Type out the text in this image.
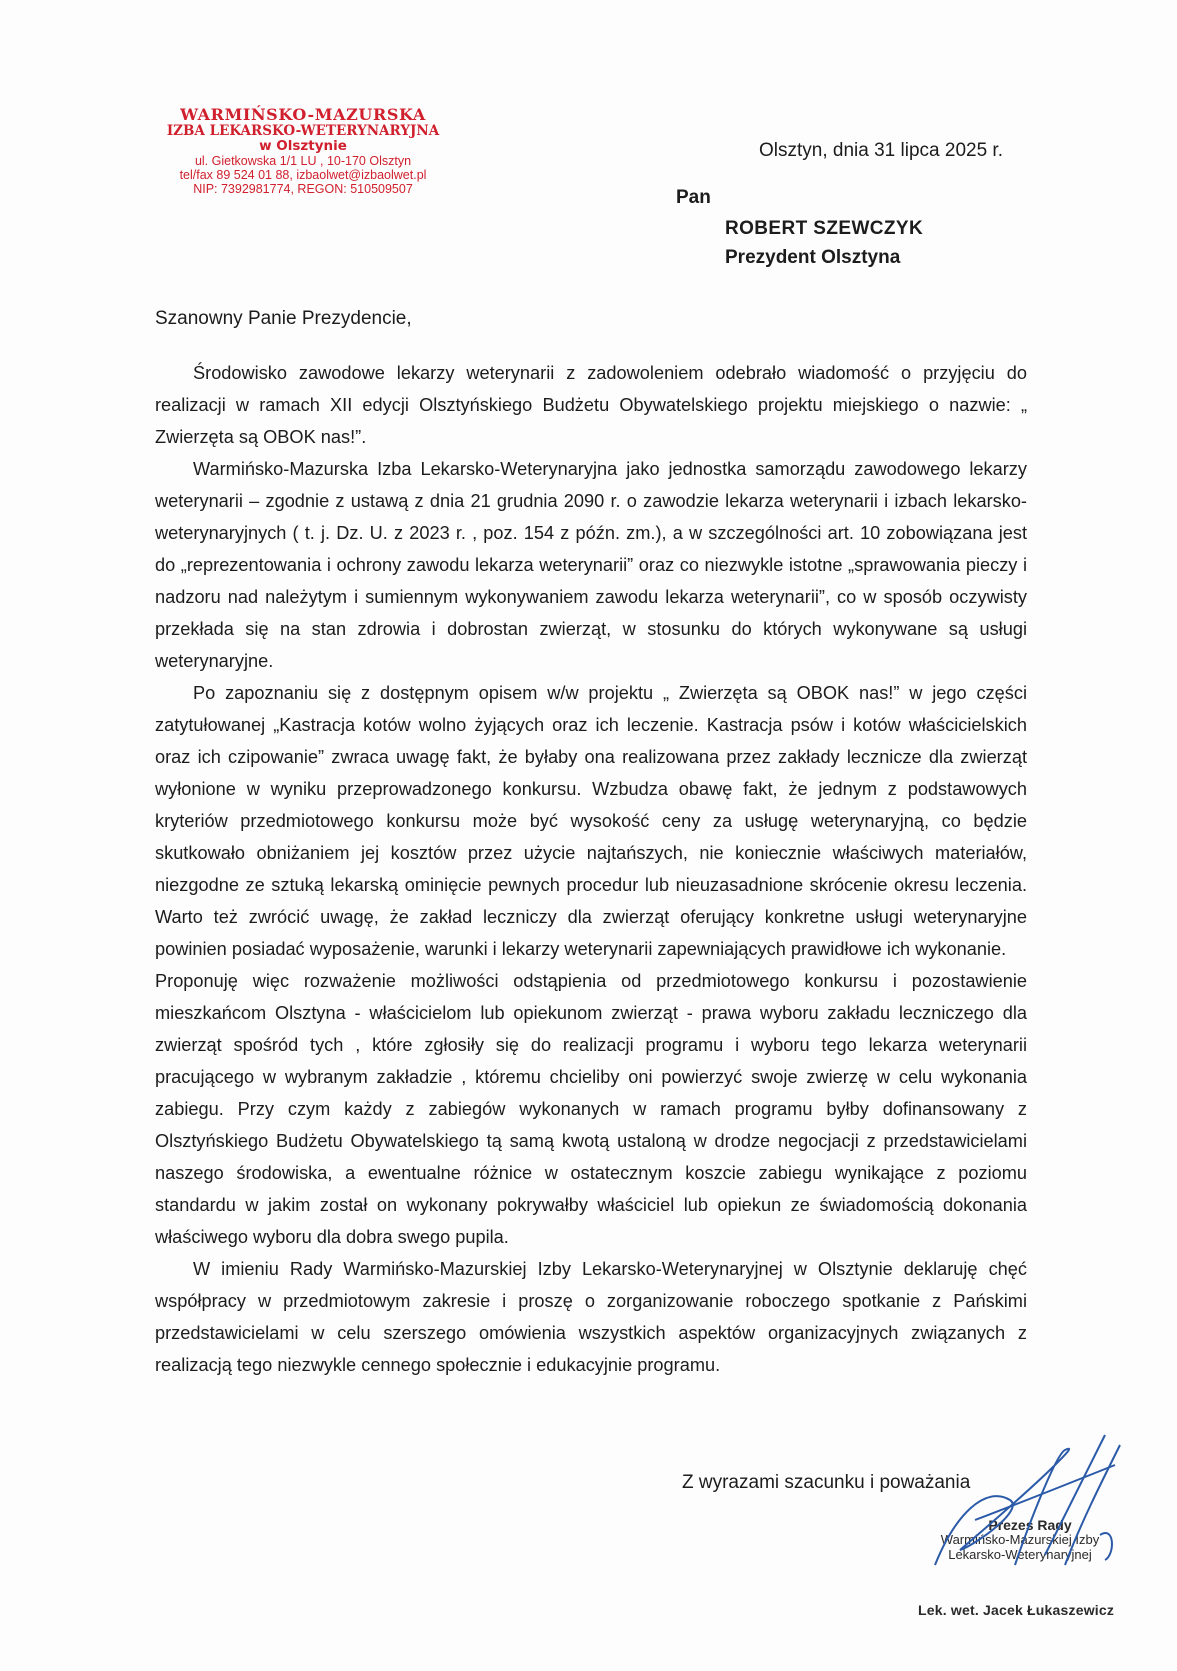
WARMIŃSKO-MAZURSKA
IZBA LEKARSKO-WETERYNARYJNA
w Olsztynie
ul. Gietkowska 1/1 LU , 10-170 Olsztyn
tel/fax 89 524 01 88, izbaolwet@izbaolwet.pl
NIP: 7392981774, REGON: 510509507
Olsztyn, dnia 31 lipca 2025 r.
Pan
ROBERT SZEWCZYK
Prezydent Olsztyna
Szanowny Panie Prezydencie,

Środowisko zawodowe lekarzy weterynarii z zadowoleniem odebrało wiadomość o przyjęciu do realizacji w ramach XII edycji Olsztyńskiego Budżetu Obywatelskiego projektu miejskiego o nazwie: „ Zwierzęta są OBOK nas!”.

Warmińsko-Mazurska Izba Lekarsko-Weterynaryjna jako jednostka samorządu zawodowego lekarzy weterynarii – zgodnie z ustawą z dnia 21 grudnia 2090 r. o zawodzie lekarza weterynarii i izbach lekarsko-weterynaryjnych ( t. j. Dz. U. z 2023 r. , poz. 154 z późn. zm.), a w szczególności art. 10 zobowiązana jest do „reprezentowania i ochrony zawodu lekarza weterynarii” oraz co niezwykle istotne „sprawowania pieczy i nadzoru nad należytym i sumiennym wykonywaniem zawodu lekarza weterynarii”, co w sposób oczywisty przekłada się na stan zdrowia i dobrostan zwierząt, w stosunku do których wykonywane są usługi weterynaryjne.

Po zapoznaniu się z dostępnym opisem w/w projektu „ Zwierzęta są OBOK nas!” w jego części zatytułowanej „Kastracja kotów wolno żyjących oraz ich leczenie. Kastracja psów i kotów właścicielskich oraz ich czipowanie” zwraca uwagę fakt, że byłaby ona realizowana przez zakłady lecznicze dla zwierząt wyłonione w wyniku przeprowadzonego konkursu. Wzbudza obawę fakt, że jednym z podstawowych kryteriów przedmiotowego konkursu może być wysokość ceny za usługę weterynaryjną, co będzie skutkowało obniżaniem jej kosztów przez użycie najtańszych, nie koniecznie właściwych materiałów, niezgodne ze sztuką lekarską ominięcie pewnych procedur lub nieuzasadnione skrócenie okresu leczenia. Warto też zwrócić uwagę, że zakład leczniczy dla zwierząt oferujący konkretne usługi weterynaryjne powinien posiadać wyposażenie, warunki i lekarzy weterynarii zapewniających prawidłowe ich wykonanie.

Proponuję więc rozważenie możliwości odstąpienia od przedmiotowego konkursu i pozostawienie mieszkańcom Olsztyna - właścicielom lub opiekunom zwierząt - prawa wyboru zakładu leczniczego dla zwierząt spośród tych , które zgłosiły się do realizacji programu i wyboru tego lekarza weterynarii pracującego w wybranym zakładzie , któremu chcieliby oni powierzyć swoje zwierzę w celu wykonania zabiegu. Przy czym każdy z zabiegów wykonanych w ramach programu byłby dofinansowany z Olsztyńskiego Budżetu Obywatelskiego tą samą kwotą ustaloną w drodze negocjacji z przedstawicielami naszego środowiska, a ewentualne różnice w ostatecznym koszcie zabiegu wynikające z poziomu standardu w jakim został on wykonany pokrywałby właściciel lub opiekun ze świadomością dokonania właściwego wyboru dla dobra swego pupila.

W imieniu Rady Warmińsko-Mazurskiej Izby Lekarsko-Weterynaryjnej w Olsztynie deklaruję chęć współpracy w przedmiotowym zakresie i proszę o zorganizowanie roboczego spotkanie z Pańskimi przedstawicielami w celu szerszego omówienia wszystkich aspektów organizacyjnych związanych z realizacją tego niezwykle cennego społecznie i edukacyjnie programu.

Z wyrazami szacunku i poważania
Prezes Rady
Warmińsko-Mazurskiej Izby
Lekarsko-Weterynaryjnej
Lek. wet. Jacek Łukaszewicz
